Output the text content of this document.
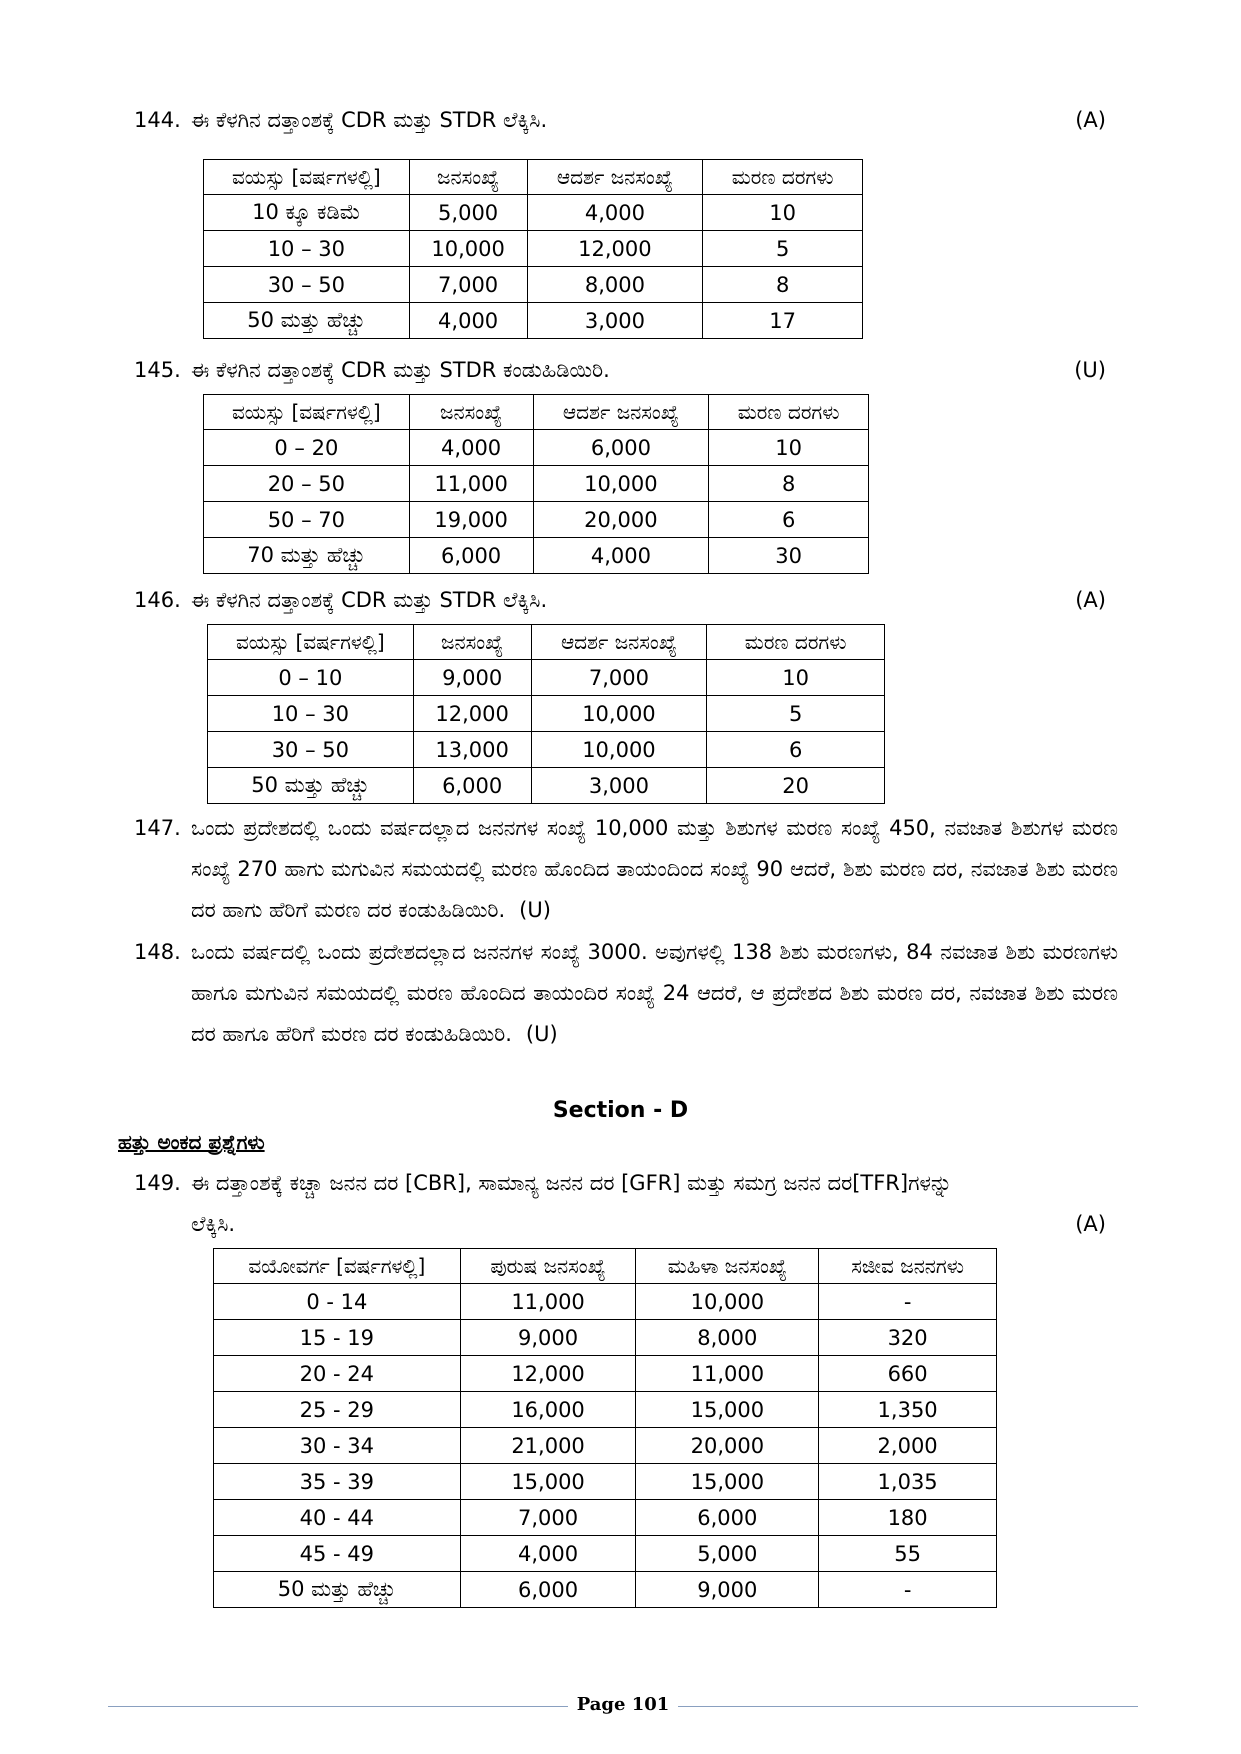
144. ಈ ಕೆಳಗಿನ ದತ್ತಾಂಶಕ್ಕೆ CDR ಮತ್ತು STDR ಲೆಕ್ಕಿಸಿ.	(A)
ವಯಸ್ಸು [ವರ್ಷಗಳಲ್ಲಿ]	ಜನಸಂಖ್ಯೆ	ಆದರ್ಶ ಜನಸಂಖ್ಯೆ	ಮರಣ ದರಗಳು
10 ಕ್ಕೂ ಕಡಿಮೆ	5,000	4,000	10
10 – 30	10,000	12,000	5
30 – 50	7,000	8,000	8
50 ಮತ್ತು ಹೆಚ್ಚು	4,000	3,000	17
145. ಈ ಕೆಳಗಿನ ದತ್ತಾಂಶಕ್ಕೆ CDR ಮತ್ತು STDR ಕಂಡುಹಿಡಿಯಿರಿ.	(U)
ವಯಸ್ಸು [ವರ್ಷಗಳಲ್ಲಿ]	ಜನಸಂಖ್ಯೆ	ಆದರ್ಶ ಜನಸಂಖ್ಯೆ	ಮರಣ ದರಗಳು
0 – 20	4,000	6,000	10
20 – 50	11,000	10,000	8
50 – 70	19,000	20,000	6
70 ಮತ್ತು ಹೆಚ್ಚು	6,000	4,000	30
146. ಈ ಕೆಳಗಿನ ದತ್ತಾಂಶಕ್ಕೆ CDR ಮತ್ತು STDR ಲೆಕ್ಕಿಸಿ.	(A)
ವಯಸ್ಸು [ವರ್ಷಗಳಲ್ಲಿ]	ಜನಸಂಖ್ಯೆ	ಆದರ್ಶ ಜನಸಂಖ್ಯೆ	ಮರಣ ದರಗಳು
0 – 10	9,000	7,000	10
10 – 30	12,000	10,000	5
30 – 50	13,000	10,000	6
50 ಮತ್ತು ಹೆಚ್ಚು	6,000	3,000	20
147. ಒಂದು ಪ್ರದೇಶದಲ್ಲಿ ಒಂದು ವರ್ಷದಲ್ಲಾದ ಜನನಗಳ ಸಂಖ್ಯೆ 10,000 ಮತ್ತು ಶಿಶುಗಳ ಮರಣ ಸಂಖ್ಯೆ 450, ನವಜಾತ ಶಿಶುಗಳ ಮರಣ ಸಂಖ್ಯೆ 270 ಹಾಗು ಮಗುವಿನ ಸಮಯದಲ್ಲಿ ಮರಣ ಹೊಂದಿದ ತಾಯಂದಿಂದ ಸಂಖ್ಯೆ 90 ಆದರೆ, ಶಿಶು ಮರಣ ದರ, ನವಜಾತ ಶಿಶು ಮರಣ ದರ ಹಾಗು ಹೆರಿಗೆ ಮರಣ ದರ ಕಂಡುಹಿಡಿಯಿರಿ. (U)
148. ಒಂದು ವರ್ಷದಲ್ಲಿ ಒಂದು ಪ್ರದೇಶದಲ್ಲಾದ ಜನನಗಳ ಸಂಖ್ಯೆ 3000. ಅವುಗಳಲ್ಲಿ 138 ಶಿಶು ಮರಣಗಳು, 84 ನವಜಾತ ಶಿಶು ಮರಣಗಳು ಹಾಗೂ ಮಗುವಿನ ಸಮಯದಲ್ಲಿ ಮರಣ ಹೊಂದಿದ ತಾಯಂದಿರ ಸಂಖ್ಯೆ 24 ಆದರೆ, ಆ ಪ್ರದೇಶದ ಶಿಶು ಮರಣ ದರ, ನವಜಾತ ಶಿಶು ಮರಣ ದರ ಹಾಗೂ ಹೆರಿಗೆ ಮರಣ ದರ ಕಂಡುಹಿಡಿಯಿರಿ. (U)
Section - D
ಹತ್ತು ಅಂಕದ ಪ್ರಶ್ನೆಗಳು
149. ಈ ದತ್ತಾಂಶಕ್ಕೆ ಕಚ್ಚಾ ಜನನ ದರ [CBR], ಸಾಮಾನ್ಯ ಜನನ ದರ [GFR] ಮತ್ತು ಸಮಗ್ರ ಜನನ ದರ[TFR]ಗಳನ್ನು
ಲೆಕ್ಕಿಸಿ.	(A)
ವಯೋವರ್ಗ [ವರ್ಷಗಳಲ್ಲಿ]	ಪುರುಷ ಜನಸಂಖ್ಯೆ	ಮಹಿಳಾ ಜನಸಂಖ್ಯೆ	ಸಜೀವ ಜನನಗಳು
0 - 14	11,000	10,000	-
15 - 19	9,000	8,000	320
20 - 24	12,000	11,000	660
25 - 29	16,000	15,000	1,350
30 - 34	21,000	20,000	2,000
35 - 39	15,000	15,000	1,035
40 - 44	7,000	6,000	180
45 - 49	4,000	5,000	55
50 ಮತ್ತು ಹೆಚ್ಚು	6,000	9,000	-
Page 101
